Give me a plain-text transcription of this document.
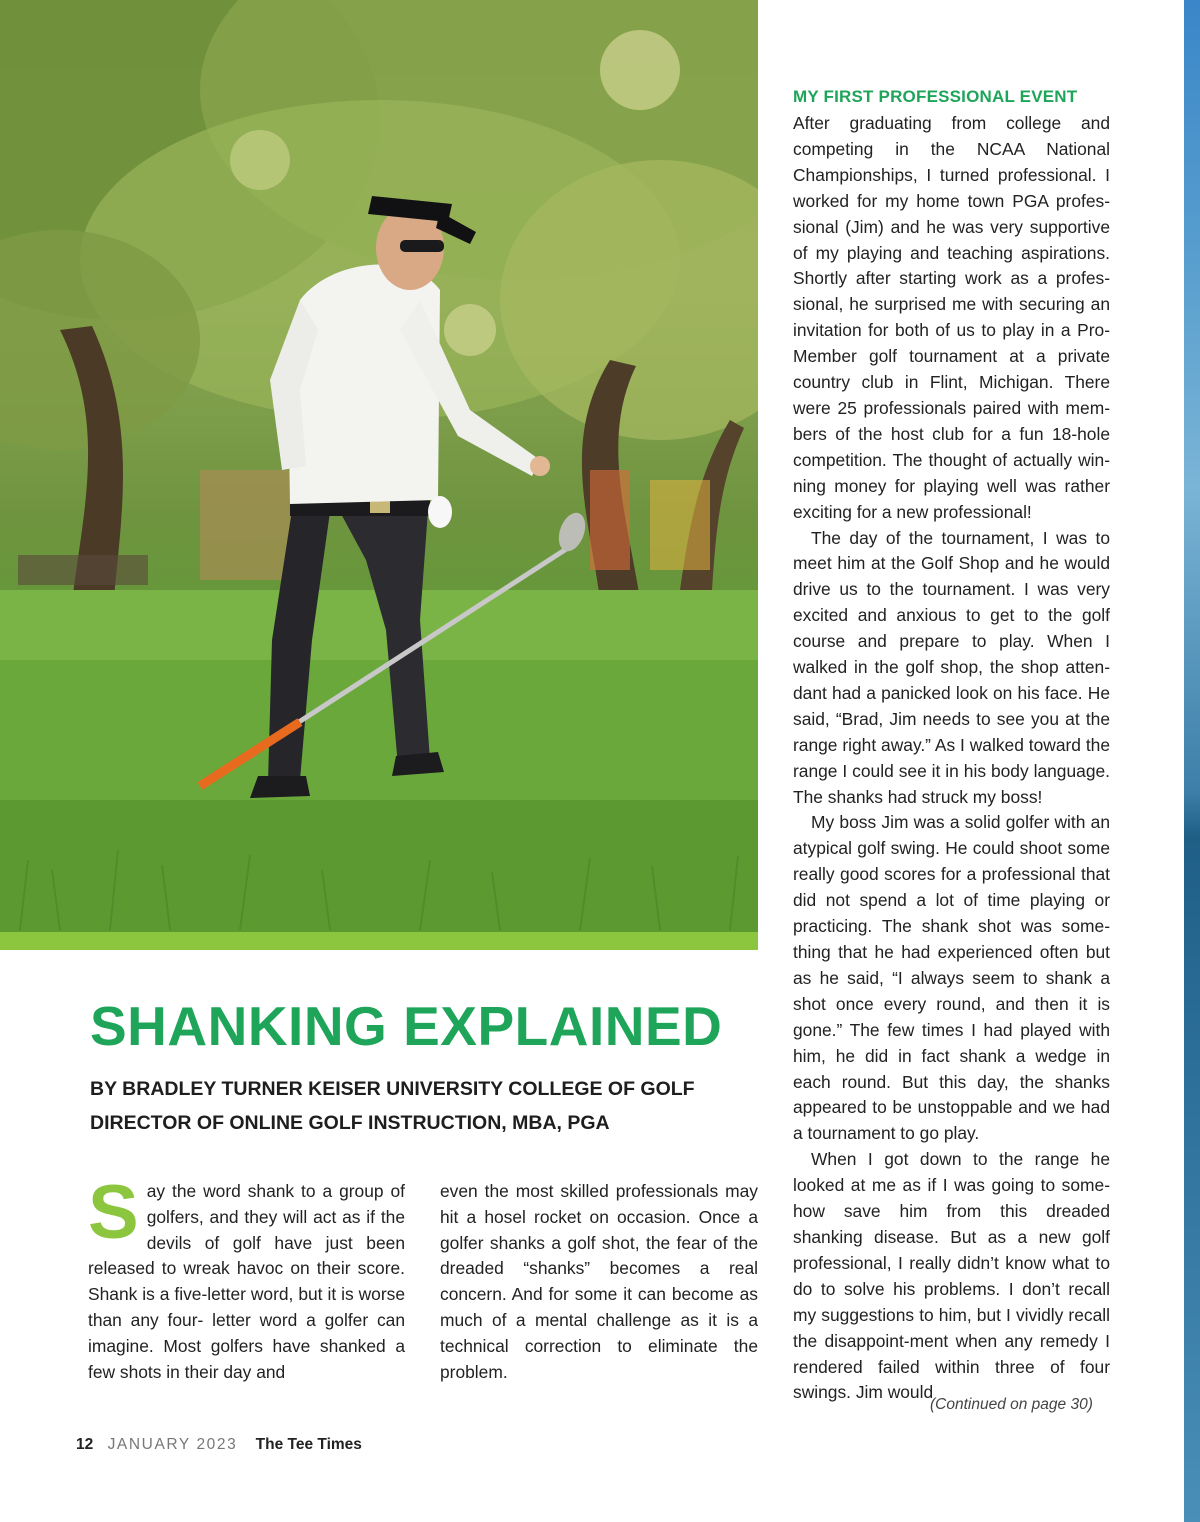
MY FIRST PROFESSIONAL EVENT

After graduating from college and competing in the NCAA National Championships, I turned professional. I worked for my home town PGA profes-sional (Jim) and he was very supportive of my playing and teaching aspirations. Shortly after starting work as a profes-sional, he surprised me with securing an invitation for both of us to play in a Pro-Member golf tournament at a private country club in Flint, Michigan. There were 25 professionals paired with mem-bers of the host club for a fun 18-hole competition. The thought of actually win-ning money for playing well was rather exciting for a new professional!

The day of the tournament, I was to meet him at the Golf Shop and he would drive us to the tournament. I was very excited and anxious to get to the golf course and prepare to play. When I walked in the golf shop, the shop atten-dant had a panicked look on his face. He said, “Brad, Jim needs to see you at the range right away.” As I walked toward the range I could see it in his body language. The shanks had struck my boss!

My boss Jim was a solid golfer with an atypical golf swing. He could shoot some really good scores for a professional that did not spend a lot of time playing or practicing. The shank shot was some-thing that he had experienced often but as he said, “I always seem to shank a shot once every round, and then it is gone.” The few times I had played with him, he did in fact shank a wedge in each round. But this day, the shanks appeared to be unstoppable and we had a tournament to go play.

When I got down to the range he looked at me as if I was going to some-how save him from this dreaded shanking disease. But as a new golf professional, I really didn’t know what to do to solve his problems. I don’t recall my suggestions to him, but I vividly recall the disappoint-ment when any remedy I rendered failed within three of four swings. Jim would

SHANKING EXPLAINED
BY BRADLEY TURNER KEISER UNIVERSITY COLLEGE OF GOLF
DIRECTOR OF ONLINE GOLF INSTRUCTION, MBA, PGA
Say the word shank to a group of golfers, and they will act as if the devils of golf have just been released to wreak havoc on their score. Shank is a five-letter word, but it is worse than any four- letter word a golfer can imagine. Most golfers have shanked a few shots in their day and
even the most skilled professionals may hit a hosel rocket on occasion. Once a golfer shanks a golf shot, the fear of the dreaded “shanks” becomes a real concern. And for some it can become as much of a mental challenge as it is a technical correction to eliminate the problem.

(Continued on page 30)

12 JANUARY 2023 The Tee Times
